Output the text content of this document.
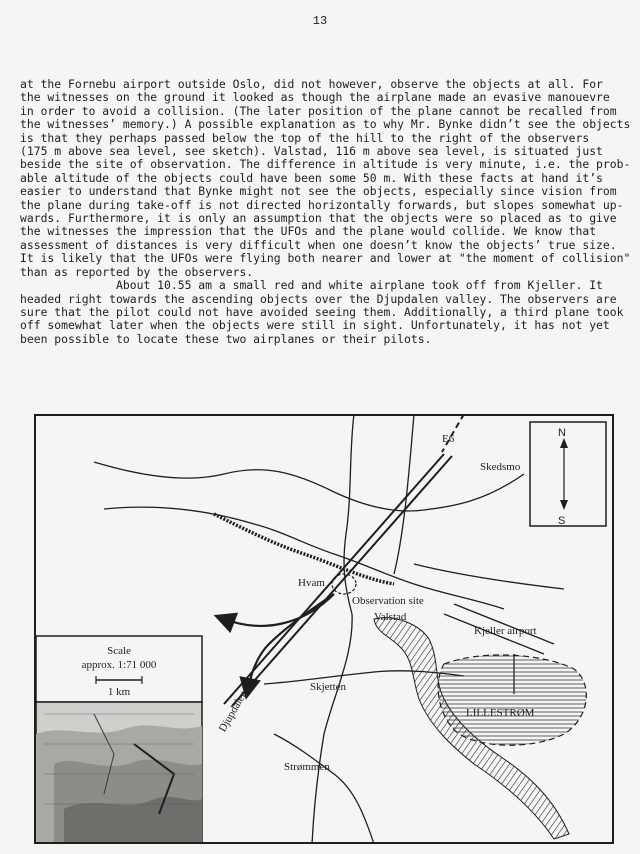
13
at the Fornebu airport outside Oslo, did not however, observe the objects at all. For
the witnesses on the ground it looked as though the airplane made an evasive manouevre
in order to avoid a collision. (The later position of the plane cannot be recalled from
the witnesses’ memory.) A possible explanation as to why Mr. Bynke didn’t see the objects
is that they perhaps passed below the top of the hill to the right of the observers
(175 m above sea level, see sketch). Valstad, 116 m above sea level, is situated just
beside the site of observation. The difference in altitude is very minute, i.e. the prob-
able altitude of the objects could have been some 50 m. With these facts at hand it’s
easier to understand that Bynke might not see the objects, especially since vision from
the plane during take-off is not directed horizontally forwards, but slopes somewhat up-
wards. Furthermore, it is only an assumption that the objects were so placed as to give
the witnesses the impression that the UFOs and the plane would collide. We know that
assessment of distances is very difficult when one doesn’t know the objects’ true size.
It is likely that the UFOs were flying both nearer and lower at "the moment of collision"
than as reported by the observers.
About 10.55 am a small red and white airplane took off from Kjeller. It
headed right towards the ascending objects over the Djupdalen valley. The observers are
sure that the pilot could not have avoided seeing them. Additionally, a third plane took
off somewhat later when the objects were still in sight. Unfortunately, it has not yet
been possible to locate these two airplanes or their pilots.
N
S
Scale
approx. 1:71 000
1 km
E6
Skedsmo
Hvam
Observation site
Valstad
Kjeller airport
Djupdalen
Skjetten
LILLESTRØM
Strømmen
